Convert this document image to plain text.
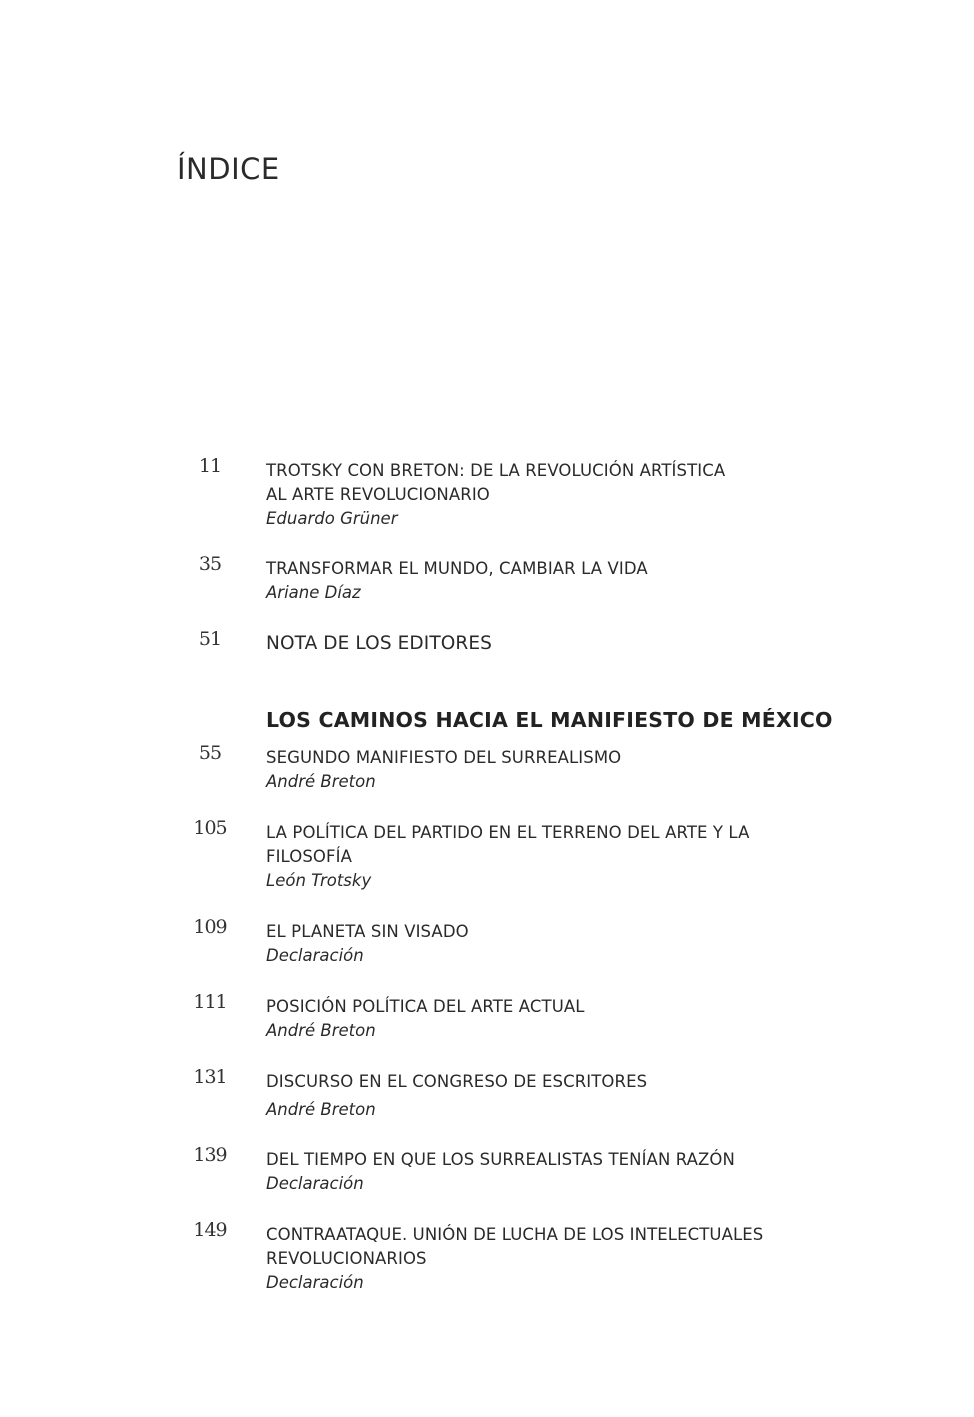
ÍNDICE
11	TROTSKY CON BRETON: DE LA REVOLUCIÓN ARTÍSTICA
AL ARTE REVOLUCIONARIO
Eduardo Grüner
35	TRANSFORMAR EL MUNDO, CAMBIAR LA VIDA
Ariane Díaz
51	NOTA DE LOS EDITORES
LOS CAMINOS HACIA EL MANIFIESTO DE MÉXICO
55	SEGUNDO MANIFIESTO DEL SURREALISMO
André Breton
105 LA POLÍTICA DEL PARTIDO EN EL TERRENO DEL ARTE Y LA
FILOSOFÍA
León Trotsky
109 EL PLANETA SIN VISADO
Declaración
111 POSICIÓN POLÍTICA DEL ARTE ACTUAL
André Breton
131 DISCURSO EN EL CONGRESO DE ESCRITORES
André Breton
139 DEL TIEMPO EN QUE LOS SURREALISTAS TENÍAN RAZÓN
Declaración
149 CONTRAATAQUE. UNIÓN DE LUCHA DE LOS INTELECTUALES
REVOLUCIONARIOS
Declaración
